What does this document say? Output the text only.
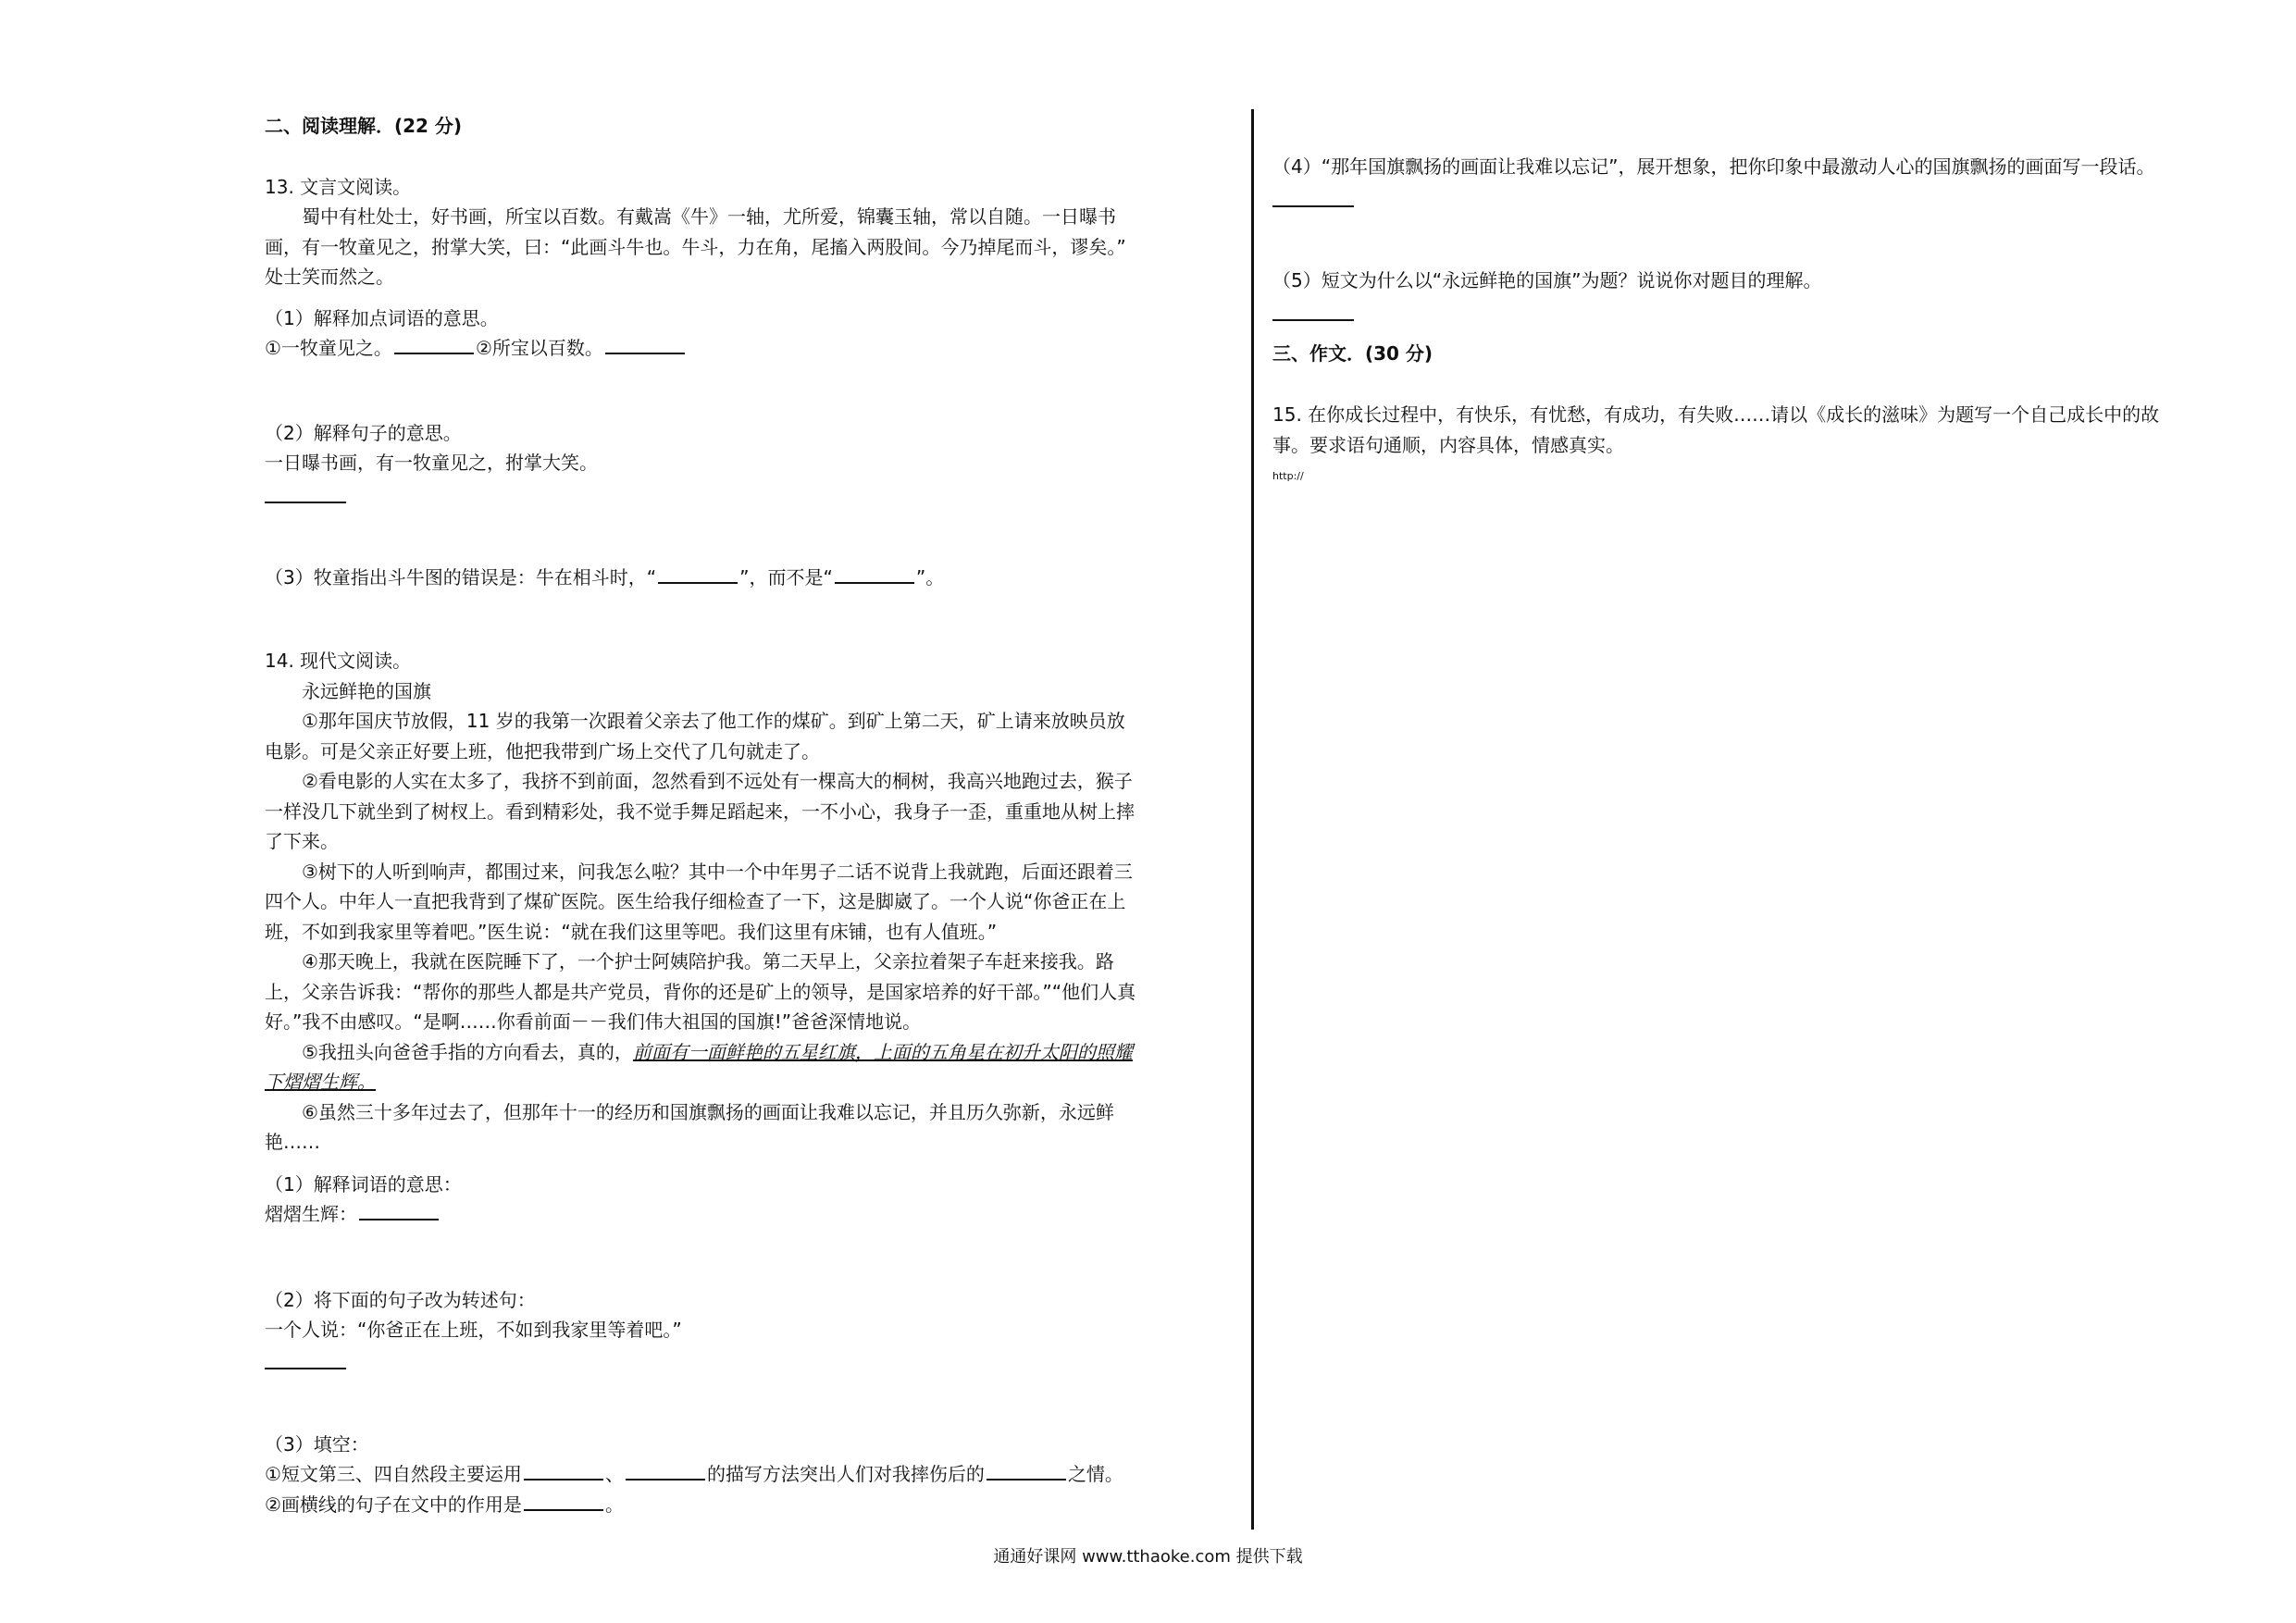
二、阅读理解．(22 分)
13. 文言文阅读。
蜀中有杜处士，好书画，所宝以百数。有戴嵩《牛》一轴，尤所爱，锦囊玉轴，常以自随。一日曝书
画，有一牧童见之，拊掌大笑，曰：“此画斗牛也。牛斗，力在角，尾搐入两股间。今乃掉尾而斗，谬矣。”
处士笑而然之。
（1）解释加点词语的意思。
①一牧童见之。	②所宝以百数。
（2）解释句子的意思。
一日曝书画，有一牧童见之，拊掌大笑。
（3）牧童指出斗牛图的错误是：牛在相斗时，“	”，而不是“	”。
14. 现代文阅读。
永远鲜艳的国旗
①那年国庆节放假，11 岁的我第一次跟着父亲去了他工作的煤矿。到矿上第二天，矿上请来放映员放
电影。可是父亲正好要上班，他把我带到广场上交代了几句就走了。
②看电影的人实在太多了，我挤不到前面，忽然看到不远处有一棵高大的桐树，我高兴地跑过去，猴子
一样没几下就坐到了树杈上。看到精彩处，我不觉手舞足蹈起来，一不小心，我身子一歪，重重地从树上摔
了下来。
③树下的人听到响声，都围过来，问我怎么啦？其中一个中年男子二话不说背上我就跑，后面还跟着三
四个人。中年人一直把我背到了煤矿医院。医生给我仔细检查了一下，这是脚崴了。一个人说“你爸正在上
班，不如到我家里等着吧。”医生说：“就在我们这里等吧。我们这里有床铺，也有人值班。”
④那天晚上，我就在医院睡下了，一个护士阿姨陪护我。第二天早上，父亲拉着架子车赶来接我。路
上，父亲告诉我：“帮你的那些人都是共产党员，背你的还是矿上的领导，是国家培养的好干部。”“他们人真
好。”我不由感叹。“是啊……你看前面－－我们伟大祖国的国旗!”爸爸深情地说。
⑤我扭头向爸爸手指的方向看去，真的，前面有一面鲜艳的五星红旗，上面的五角星在初升太阳的照耀
下熠熠生辉。
⑥虽然三十多年过去了，但那年十一的经历和国旗飘扬的画面让我难以忘记，并且历久弥新，永远鲜
艳……
（1）解释词语的意思：
熠熠生辉：
（2）将下面的句子改为转述句：
一个人说：“你爸正在上班，不如到我家里等着吧。”
（3）填空：
①短文第三、四自然段主要运用	、	的描写方法突出人们对我摔伤后的	之情。
②画横线的句子在文中的作用是	。
（4）“那年国旗飘扬的画面让我难以忘记”，展开想象，把你印象中最激动人心的国旗飘扬的画面写一段话。
（5）短文为什么以“永远鲜艳的国旗”为题？说说你对题目的理解。
三、作文．(30 分)
15. 在你成长过程中，有快乐，有忧愁，有成功，有失败……请以《成长的滋味》为题写一个自己成长中的故
事。要求语句通顺，内容具体，情感真实。
http://
通通好课网 www.tthaoke.com 提供下载
